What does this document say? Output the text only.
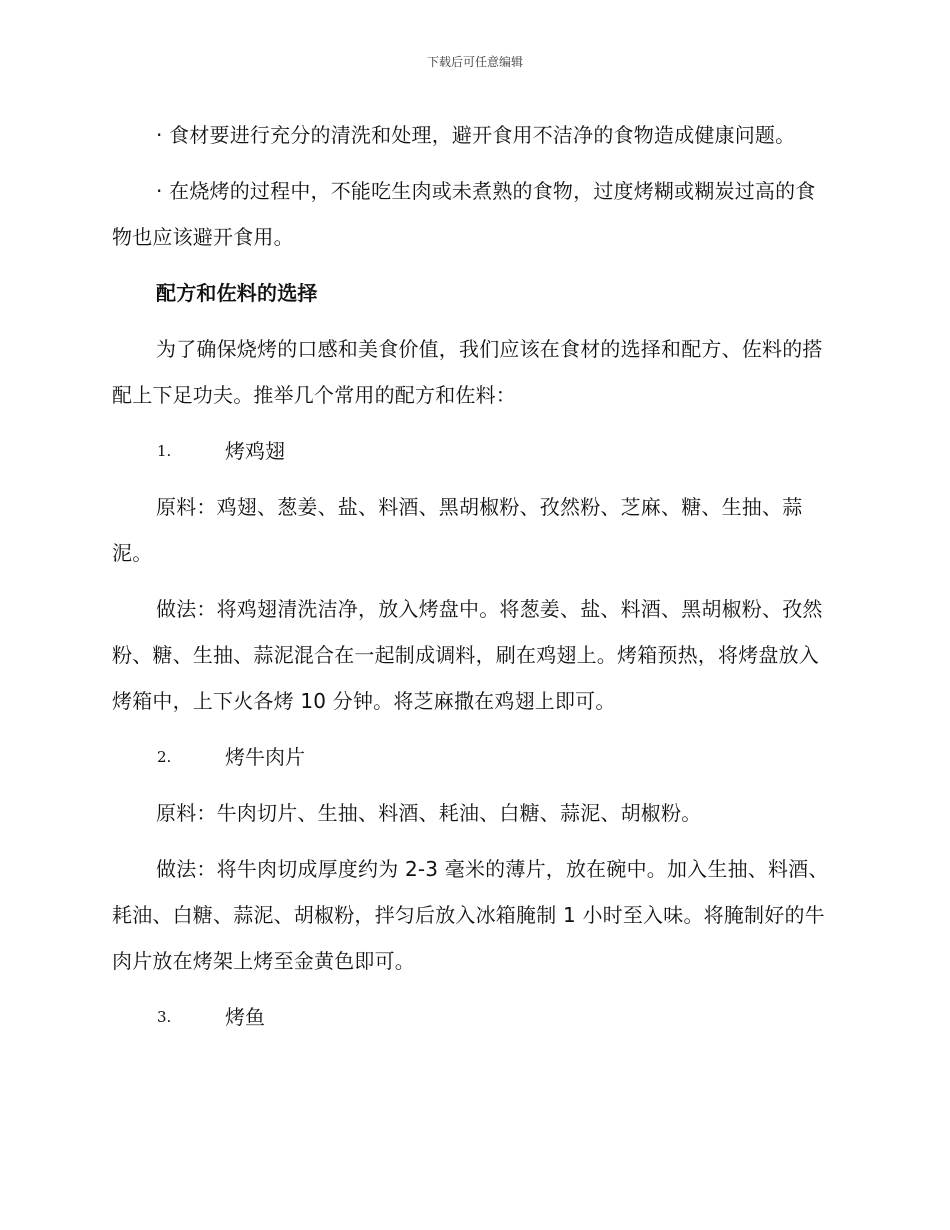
下载后可任意编辑

· 食材要进行充分的清洗和处理，避开食用不洁净的食物造成健康问题。

· 在烧烤的过程中，不能吃生肉或未煮熟的食物，过度烤糊或糊炭过高的食物也应该避开食用。

配方和佐料的选择

为了确保烧烤的口感和美食价值，我们应该在食材的选择和配方、佐料的搭配上下足功夫。推举几个常用的配方和佐料：

1.	烤鸡翅

原料：鸡翅、葱姜、盐、料酒、黑胡椒粉、孜然粉、芝麻、糖、生抽、蒜泥。

做法：将鸡翅清洗洁净，放入烤盘中。将葱姜、盐、料酒、黑胡椒粉、孜然粉、糖、生抽、蒜泥混合在一起制成调料，刷在鸡翅上。烤箱预热，将烤盘放入烤箱中，上下火各烤 10 分钟。将芝麻撒在鸡翅上即可。

2.	烤牛肉片

原料：牛肉切片、生抽、料酒、耗油、白糖、蒜泥、胡椒粉。

做法：将牛肉切成厚度约为 2-3 毫米的薄片，放在碗中。加入生抽、料酒、耗油、白糖、蒜泥、胡椒粉，拌匀后放入冰箱腌制 1 小时至入味。将腌制好的牛肉片放在烤架上烤至金黄色即可。

3.	烤鱼
